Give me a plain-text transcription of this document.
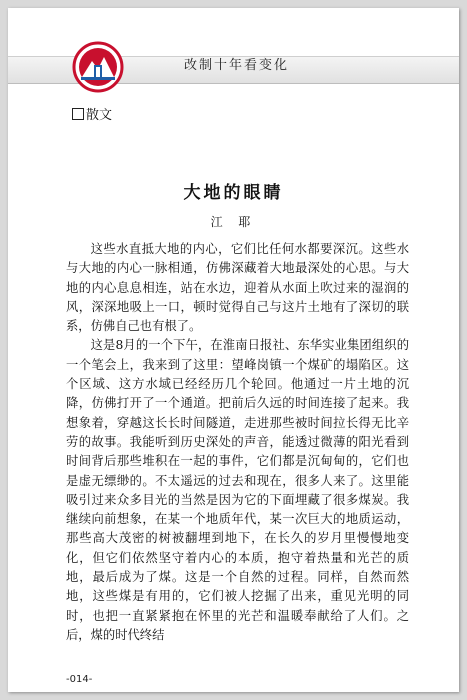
改制十年看变化
散文
大地的眼睛
江 耶

这些水直抵大地的内心，它们比任何水都要深沉。这些水与大地的内心一脉相通，仿佛深藏着大地最深处的心思。与大地的内心息息相连，站在水边，迎着从水面上吹过来的湿润的风，深深地吸上一口，顿时觉得自己与这片土地有了深切的联系，仿佛自己也有根了。

这是8月的一个下午，在淮南日报社、东华实业集团组织的一个笔会上，我来到了这里：望峰岗镇一个煤矿的塌陷区。这个区域、这方水域已经经历几个轮回。他通过一片土地的沉降，仿佛打开了一个通道。把前后久远的时间连接了起来。我想象着，穿越这长长时间隧道，走进那些被时间拉长得无比辛劳的故事。我能听到历史深处的声音，能透过微薄的阳光看到时间背后那些堆积在一起的事件，它们都是沉甸甸的，它们也是虚无缥缈的。不太遥远的过去和现在，很多人来了。这里能吸引过来众多目光的当然是因为它的下面埋藏了很多煤炭。我继续向前想象，在某一个地质年代，某一次巨大的地质运动，那些高大茂密的树被翻埋到地下，在长久的岁月里慢慢地变化，但它们依然坚守着内心的本质，抱守着热量和光芒的质地，最后成为了煤。这是一个自然的过程。同样，自然而然地，这些煤是有用的，它们被人挖掘了出来，重见光明的同时，也把一直紧紧抱在怀里的光芒和温暖奉献给了人们。之后，煤的时代终结

-014-
